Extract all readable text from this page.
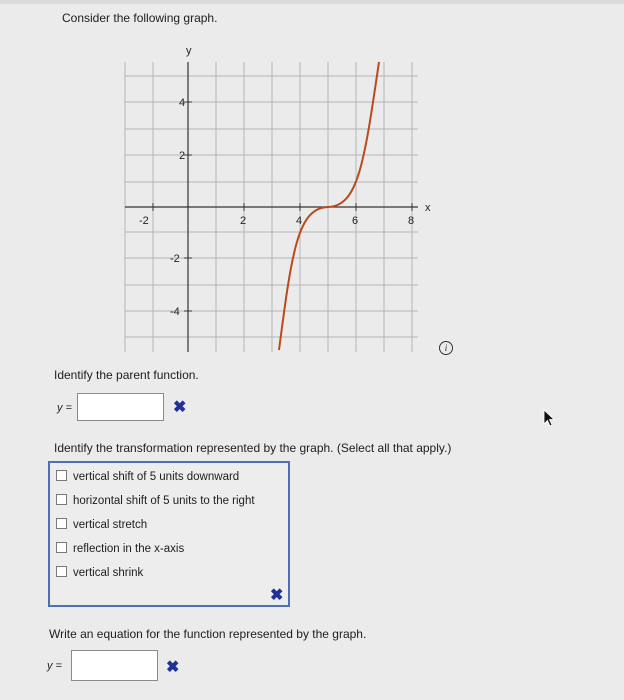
Consider the following graph.
y
x
-2	2	4	6	8
4
2
-2
-4
i
Identify the parent function.
y =	✖
Identify the transformation represented by the graph. (Select all that apply.)
vertical shift of 5 units downward
horizontal shift of 5 units to the right
vertical stretch
reflection in the x-axis
vertical shrink
✖
Write an equation for the function represented by the graph.
y =	✖
